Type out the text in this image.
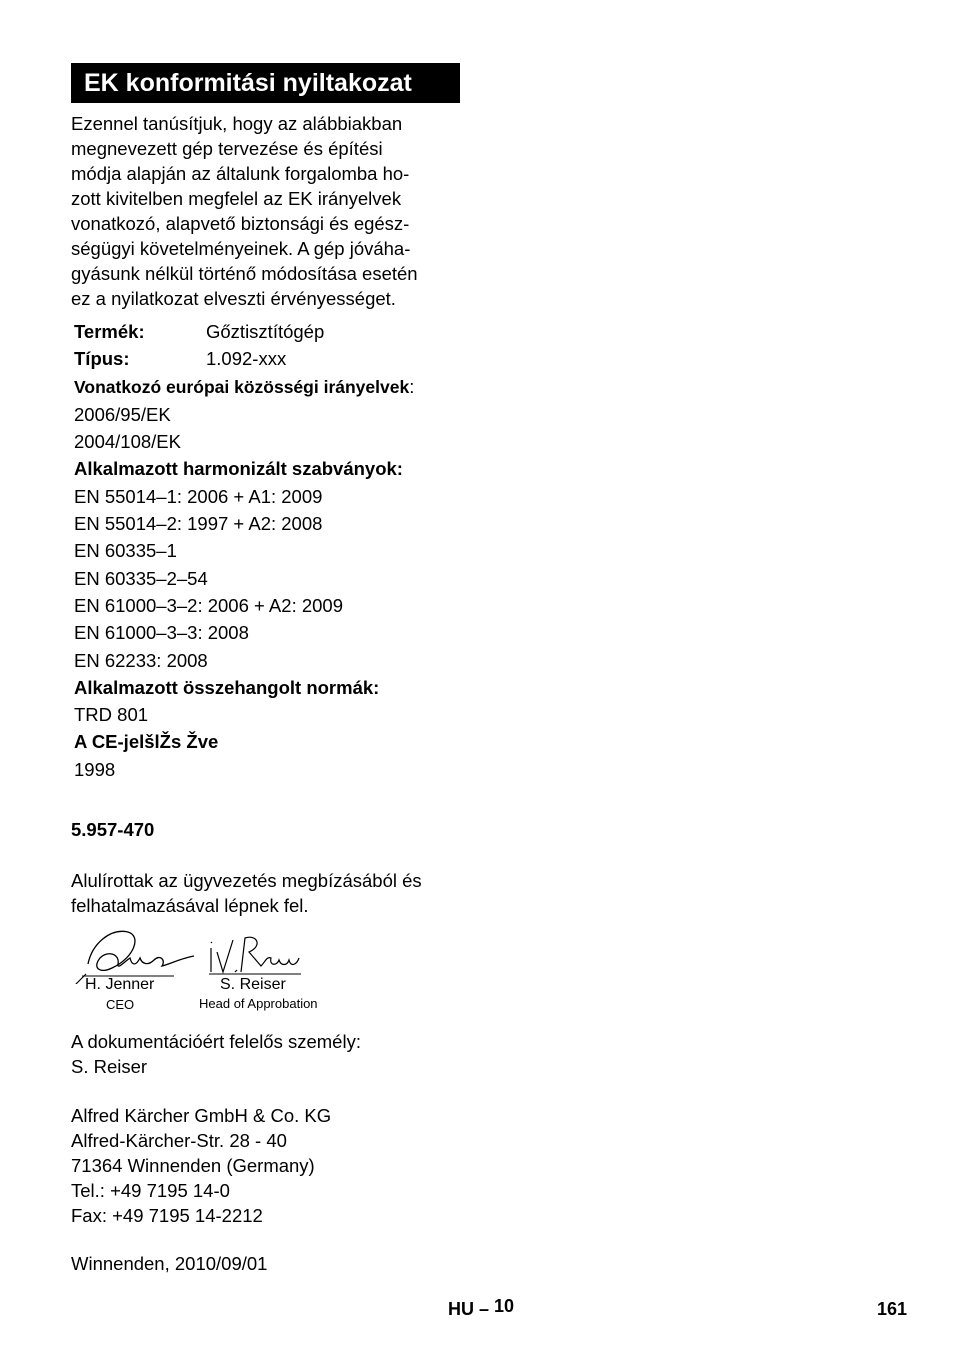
EK konformitási nyiltakozat
Ezennel tanúsítjuk, hogy az alábbiakban
megnevezett gép tervezése és építési
módja alapján az általunk forgalomba ho-
zott kivitelben megfelel az EK irányelvek
vonatkozó, alapvető biztonsági és egész-
ségügyi követelményeinek. A gép jóváha-
gyásunk nélkül történő módosítása esetén
ez a nyilatkozat elveszti érvényességet.
Termék:	Gőztisztítógép
Típus:	1.092-xxx
Vonatkozó európai közösségi irányelvek:
2006/95/EK
2004/108/EK
Alkalmazott harmonizált szabványok:
EN 55014–1: 2006 + A1: 2009
EN 55014–2: 1997 + A2: 2008
EN 60335–1
EN 60335–2–54
EN 61000–3–2: 2006 + A2: 2009
EN 61000–3–3: 2008
EN 62233: 2008
Alkalmazott összehangolt normák:
TRD 801
A CE-jelšlŽs Žve
1998
5.957-470
Alulírottak az ügyvezetés megbízásából és
felhatalmazásával lépnek fel.
H. Jenner	S. Reiser
CEO	Head of Approbation
A dokumentációért felelős személy:
S. Reiser
Alfred Kärcher GmbH & Co. KG
Alfred-Kärcher-Str. 28 - 40
71364 Winnenden (Germany)
Tel.: +49 7195 14-0
Fax: +49 7195 14-2212
Winnenden, 2010/09/01
HU – 10	161
